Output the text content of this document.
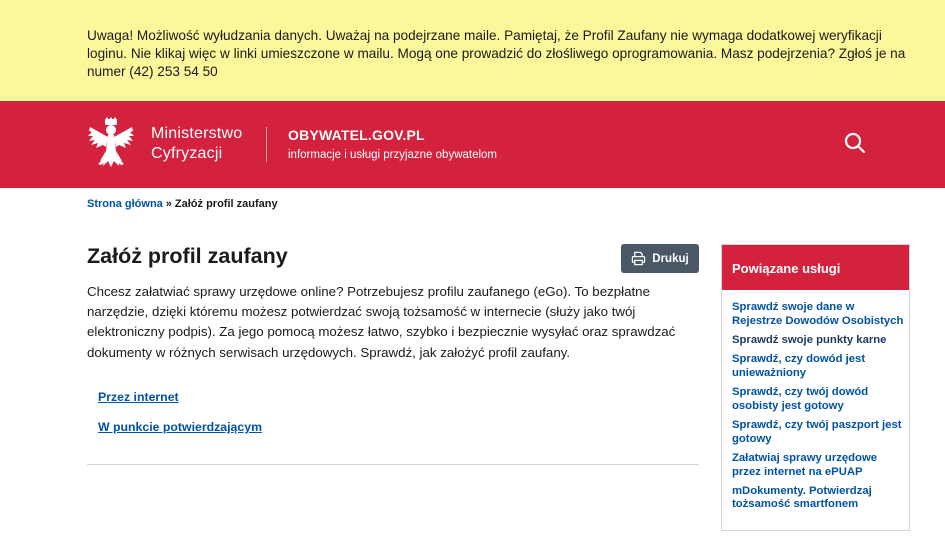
Uwaga! Możliwość wyłudzania danych. Uważaj na podejrzane maile. Pamiętaj, że Profil Zaufany nie wymaga dodatkowej weryfikacji loginu. Nie klikaj więc w linki umieszczone w mailu. Mogą one prowadzić do złośliwego oprogramowania. Masz podejrzenia? Zgłoś je na numer (42) 253 54 50

Ministerstwo
Cyfryzacji
OBYWATEL.GOV.PL
informacje i usługi przyjazne obywatelom
Strona główna » Załóż profil zaufany
Załóż profil zaufany	Drukuj

Chcesz załatwiać sprawy urzędowe online? Potrzebujesz profilu zaufanego (eGo). To bezpłatne narzędzie, dzięki któremu możesz potwierdzać swoją tożsamość w internecie (służy jako twój elektroniczny podpis). Za jego pomocą możesz łatwo, szybko i bezpiecznie wysyłać oraz sprawdzać dokumenty w różnych serwisach urzędowych. Sprawdź, jak założyć profil zaufany.

Przez internet
W punkcie potwierdzającym
Powiązane usługi
Sprawdź swoje dane w Rejestrze Dowodów Osobistych
Sprawdź swoje punkty karne
Sprawdź, czy dowód jest unieważniony
Sprawdź, czy twój dowód osobisty jest gotowy
Sprawdź, czy twój paszport jest gotowy
Załatwiaj sprawy urzędowe przez internet na ePUAP
mDokumenty. Potwierdzaj tożsamość smartfonem
